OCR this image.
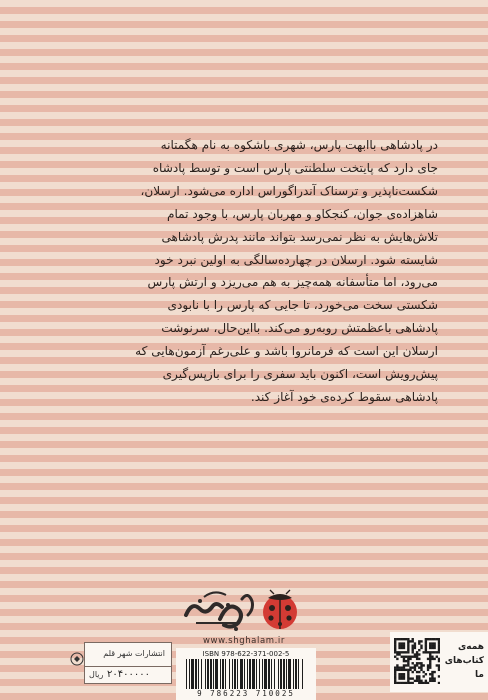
در پادشاهی باابهت پارس، شهری باشکوه به نام هگمتانه
جای دارد که پایتخت سلطنتی پارس است و توسط پادشاه
شکست‌ناپذیر و ترسناک آندراگوراس اداره می‌شود. ارسلان،
شاهزاده‌ی جوان، کنجکاو و مهربان پارس، با وجود تمام
تلاش‌هایش به نظر نمی‌رسد بتواند مانند پدرش پادشاهی
شایسته شود. ارسلان در چهارده‌سالگی به اولین نبرد خود
می‌رود، اما متأسفانه همه‌چیز به هم می‌ریزد و ارتش پارس
شکستی سخت می‌خورد، تا جایی که پارس را با نابودی
پادشاهی باعظمتش روبه‌رو می‌کند. بااین‌حال، سرنوشت
ارسلان این است که فرمانروا باشد و علی‌رغم آزمون‌هایی که
پیش‌رویش است، اکنون باید سفری را برای بازپس‌گیری
پادشاهی سقوط کرده‌ی خود آغاز کند.
www.shghalam.ir
ISBN 978-622-371-002-5
9 786223 710025
انتشارات شهر قلم
۲۰۴۰۰۰۰۰
ریال
همه‌ی
کتاب‌های
ما
